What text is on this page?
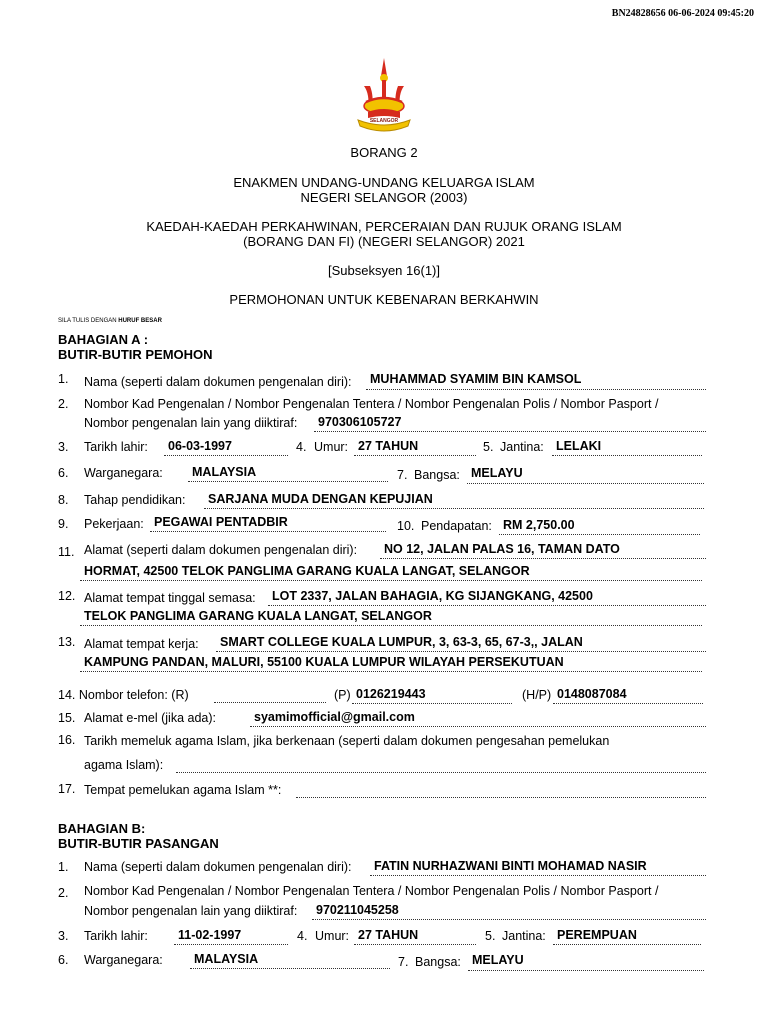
BN24828656 06-06-2024 09:45:20
SELANGOR
BORANG 2
ENAKMEN UNDANG-UNDANG KELUARGA ISLAM
NEGERI SELANGOR (2003)
KAEDAH-KAEDAH PERKAHWINAN, PERCERAIAN DAN RUJUK ORANG ISLAM
(BORANG DAN FI) (NEGERI SELANGOR) 2021
[Subseksyen 16(1)]
PERMOHONAN UNTUK KEBENARAN BERKAHWIN
SILA TULIS DENGAN HURUF BESAR
BAHAGIAN A :
BUTIR-BUTIR PEMOHON
1. Nama (seperti dalam dokumen pengenalan diri): MUHAMMAD SYAMIM BIN KAMSOL
2. Nombor Kad Pengenalan / Nombor Pengenalan Tentera / Nombor Pengenalan Polis / Nombor Pasport /
Nombor pengenalan lain yang diiktiraf: 970306105727
3. Tarikh lahir: 06-03-1997	4. Umur: 27 TAHUN	5. Jantina: LELAKI
6. Warganegara: MALAYSIA	7. Bangsa: MELAYU
8. Tahap pendidikan: SARJANA MUDA DENGAN KEPUJIAN
9. Pekerjaan: PEGAWAI PENTADBIR	10. Pendapatan: RM 2,750.00
11. Alamat (seperti dalam dokumen pengenalan diri): NO 12, JALAN PALAS 16, TAMAN DATO
HORMAT, 42500 TELOK PANGLIMA GARANG KUALA LANGAT, SELANGOR
12. Alamat tempat tinggal semasa: LOT 2337, JALAN BAHAGIA, KG SIJANGKANG, 42500
TELOK PANGLIMA GARANG KUALA LANGAT, SELANGOR
13. Alamat tempat kerja: SMART COLLEGE KUALA LUMPUR, 3, 63-3, 65, 67-3,, JALAN
KAMPUNG PANDAN, MALURI, 55100 KUALA LUMPUR WILAYAH PERSEKUTUAN
14. Nombor telefon: (R)	(P) 0126219443	(H/P) 0148087084
15. Alamat e-mel (jika ada):	syamimofficial@gmail.com
16. Tarikh memeluk agama Islam, jika berkenaan (seperti dalam dokumen pengesahan pemelukan
agama Islam):
17. Tempat pemelukan agama Islam **:
BAHAGIAN B:
BUTIR-BUTIR PASANGAN
1. Nama (seperti dalam dokumen pengenalan diri): FATIN NURHAZWANI BINTI MOHAMAD NASIR
2. Nombor Kad Pengenalan / Nombor Pengenalan Tentera / Nombor Pengenalan Polis / Nombor Pasport /
Nombor pengenalan lain yang diiktiraf: 970211045258
3. Tarikh lahir: 11-02-1997	4. Umur: 27 TAHUN	5. Jantina: PEREMPUAN
6. Warganegara:	MALAYSIA	7. Bangsa: MELAYU
